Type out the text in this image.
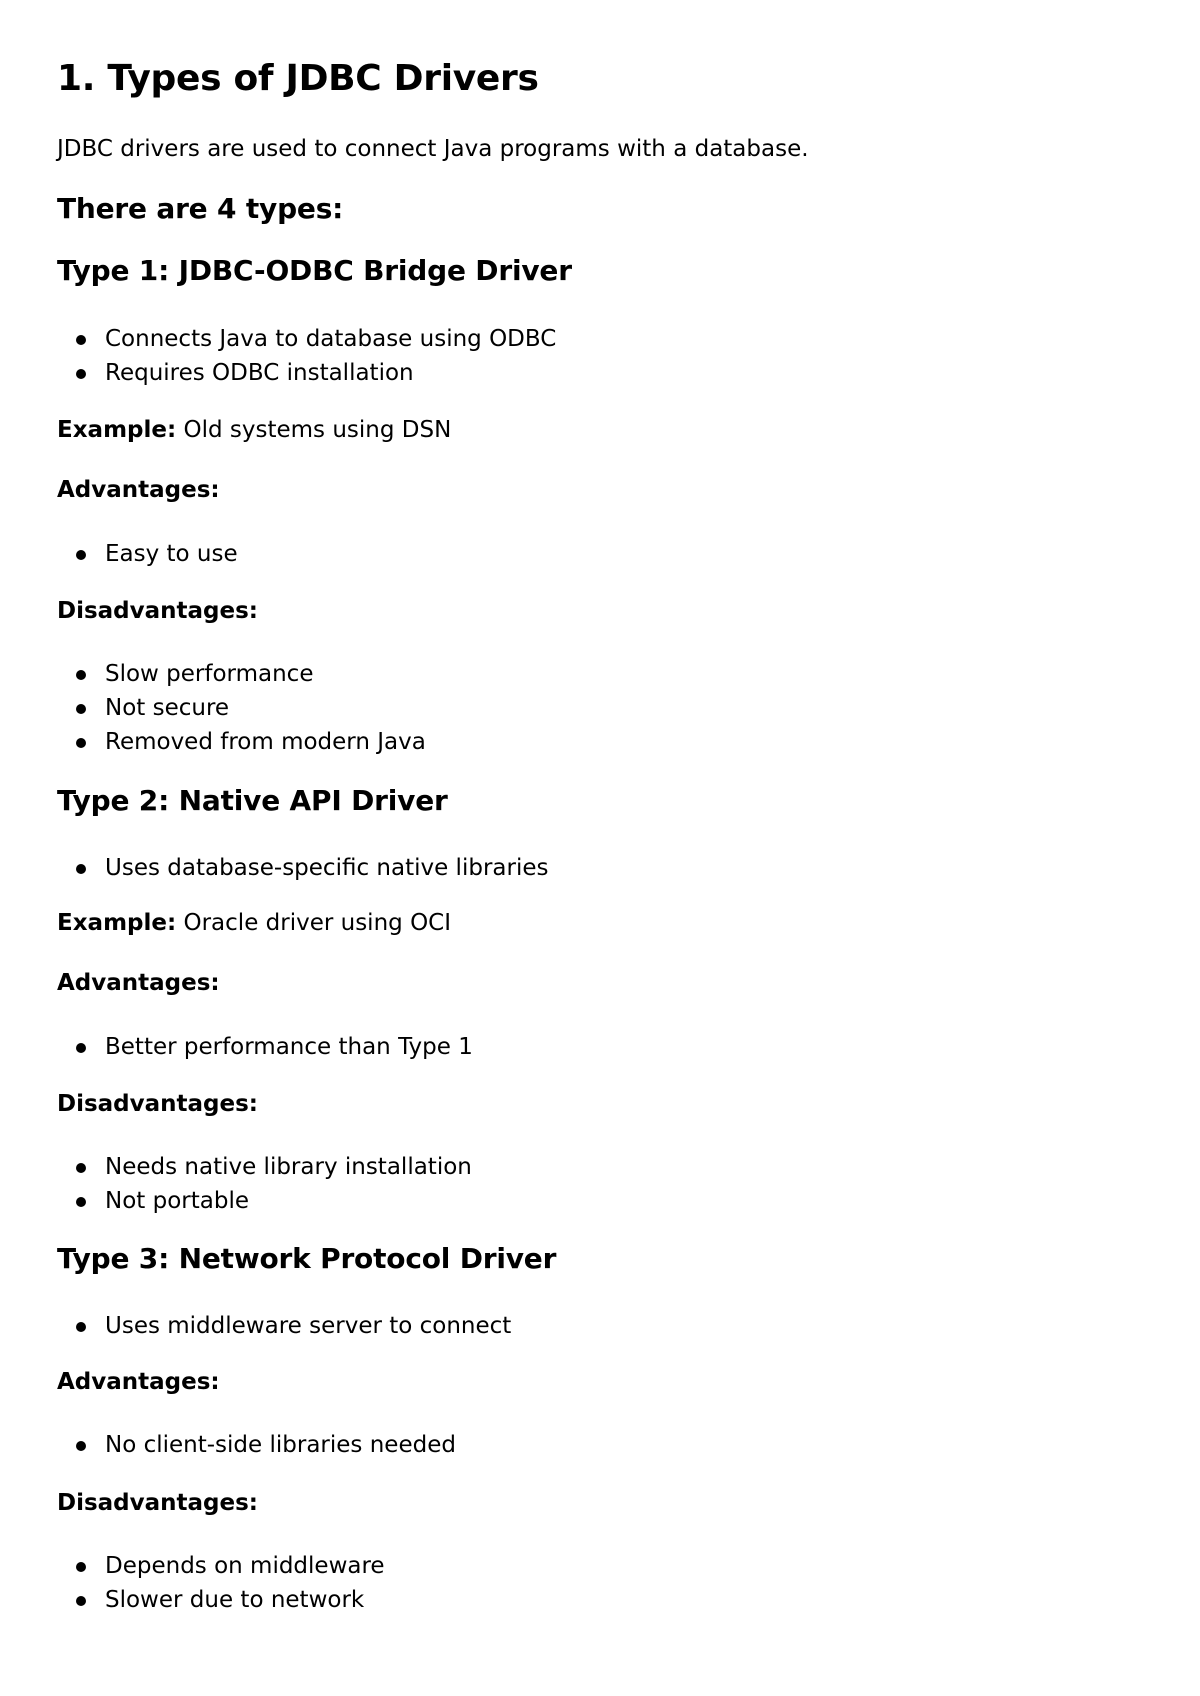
1. Types of JDBC Drivers

JDBC drivers are used to connect Java programs with a database.

There are 4 types:
Type 1: JDBC-ODBC Bridge Driver
Connects Java to database using ODBC
Requires ODBC installation

Example: Old systems using DSN

Advantages:
Easy to use
Disadvantages:
Slow performance
Not secure
Removed from modern Java
Type 2: Native API Driver
Uses database-specific native libraries

Example: Oracle driver using OCI

Advantages:
Better performance than Type 1
Disadvantages:
Needs native library installation
Not portable
Type 3: Network Protocol Driver
Uses middleware server to connect
Advantages:
No client-side libraries needed
Disadvantages:
Depends on middleware
Slower due to network
